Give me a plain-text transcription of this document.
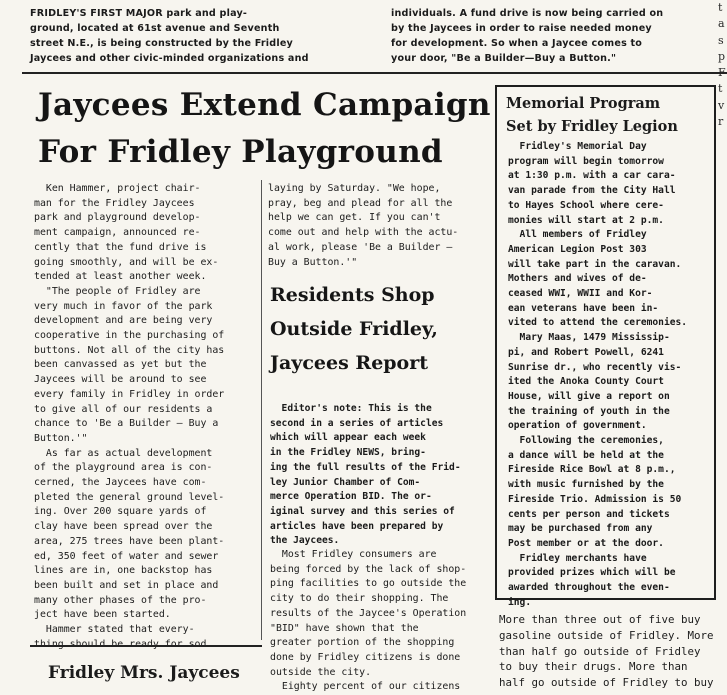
FRIDLEY'S FIRST MAJOR park and play-
ground, located at 61st avenue and Seventh
street N.E., is being constructed by the Fridley
Jaycees and other civic-minded organizations and
individuals. A fund drive is now being carried on
by the Jaycees in order to raise needed money
for development. So when a Jaycee comes to
your door, "Be a Builder—Buy a Button."
t
a
s
p

t
v
r
Jaycees Extend Campaign
For Fridley Playground
Ken Hammer, project chair-
man for the Fridley Jaycees
park and playground develop-
ment campaign, announced re-
cently that the fund drive is
going smoothly, and will be ex-
tended at least another week.
"The people of Fridley are
very much in favor of the park
development and are being very
cooperative in the purchasing of
buttons. Not all of the city has
been canvassed as yet but the
Jaycees will be around to see
every family in Fridley in order
to give all of our residents a
chance to 'Be a Builder — Buy a
Button.'"
As far as actual development
of the playground area is con-
cerned, the Jaycees have com-
pleted the general ground level-
ing. Over 200 square yards of
clay have been spread over the
area, 275 trees have been plant-
ed, 350 feet of water and sewer
lines are in, one backstop has
been built and set in place and
many other phases of the pro-
ject have been started.
Hammer stated that every-

laying by Saturday. "We hope,
pray, beg and plead for all the
help we can get. If you can't
come out and help with the actu-
al work, please 'Be a Builder —
Buy a Button.'"
Residents Shop
Outside Fridley,
Jaycees Report
Editor's note: This is the
second in a series of articles
which will appear each week
in the Fridley NEWS, bring-
ing the full results of the Frid-
ley Junior Chamber of Com-
merce Operation BID. The or-
iginal survey and this series of
articles have been prepared by
the Jaycees.
Most Fridley consumers are
being forced by the lack of shop-
ping facilities to go outside the
city to do their shopping. The
results of the Jaycee's Operation
"BID" have shown that the
greater portion of the shopping
done by Fridley citizens is done
outside the city.
Eighty percent of our citizens
Fridley Mrs. Jaycees
Memorial Program
Set by Fridley Legion
Fridley's Memorial Day
program will begin tomorrow
at 1:30 p.m. with a car cara-
van parade from the City Hall
to Hayes School where cere-
monies will start at 2 p.m.
All members of Fridley
American Legion Post 303
will take part in the caravan.
Mothers and wives of de-
ceased WWI, WWII and Kor-
ean veterans have been in-
vited to attend the ceremonies.
Mary Maas, 1479 Mississip-
pi, and Robert Powell, 6241
Sunrise dr., who recently vis-
ited the Anoka County Court
House, will give a report on
the training of youth in the
operation of government.
Following the ceremonies,
a dance will be held at the
Fireside Rice Bowl at 8 p.m.,
with music furnished by the
Fireside Trio. Admission is 50
cents per person and tickets
may be purchased from any
Post member or at the door.
Fridley merchants have
provided prizes which will be
awarded throughout the even-
ing.
More than three out of five buy
gasoline outside of Fridley. More
than half go outside of Fridley
to buy their drugs. More than
half go outside of Fridley to buy
